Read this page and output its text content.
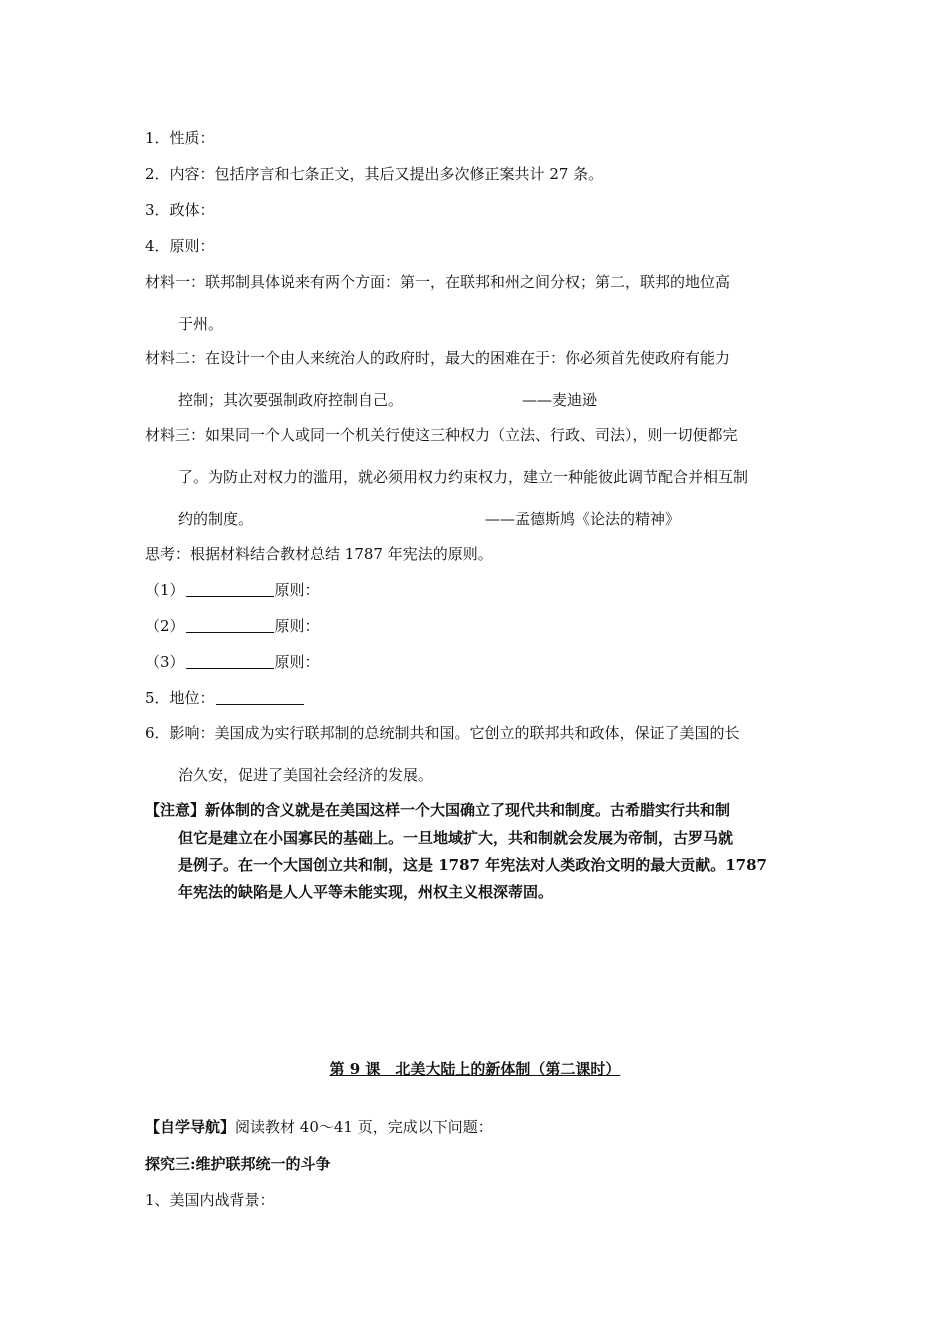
1．性质：
2．内容：包括序言和七条正文，其后又提出多次修正案共计 27 条。
3．政体：
4．原则：
材料一：联邦制具体说来有两个方面：第一，在联邦和州之间分权；第二，联邦的地位高
于州。
材料二：在设计一个由人来统治人的政府时，最大的困难在于：你必须首先使政府有能力
控制；其次要强制政府控制自己。	——麦迪逊
材料三：如果同一个人或同一个机关行使这三种权力（立法、行政、司法），则一切便都完
了。为防止对权力的滥用，就必须用权力约束权力，建立一种能彼此调节配合并相互制
约的制度。	——孟德斯鸠《论法的精神》
思考：根据材料结合教材总结 1787 年宪法的原则。
（1）	原则：
（2）	原则：
（3）	原则：
5．地位：
6．影响：美国成为实行联邦制的总统制共和国。它创立的联邦共和政体，保证了美国的长
治久安，促进了美国社会经济的发展。
【注意】新体制的含义就是在美国这样一个大国确立了现代共和制度。古希腊实行共和制
但它是建立在小国寡民的基础上。一旦地域扩大，共和制就会发展为帝制，古罗马就
是例子。在一个大国创立共和制，这是 1787 年宪法对人类政治文明的最大贡献。1787
年宪法的缺陷是人人平等未能实现，州权主义根深蒂固。
第 9 课　北美大陆上的新体制（第二课时）
【自学导航】阅读教材 40～41 页，完成以下问题：
探究三:维护联邦统一的斗争
1、美国内战背景：
